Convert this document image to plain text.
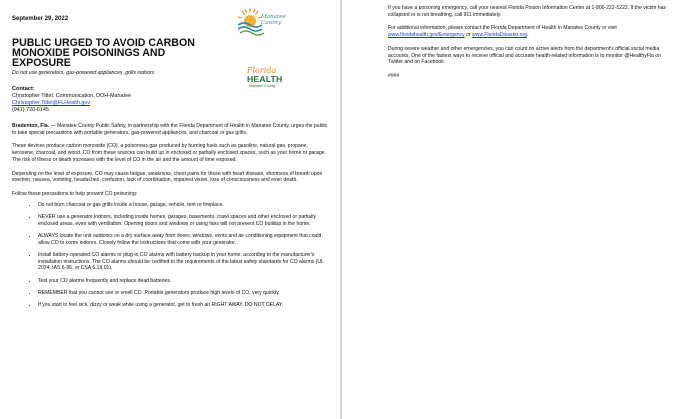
Manatee County
Florida
HEALTH
Manatee County
September 29, 2022
PUBLIC URGED TO AVOID CARBON MONOXIDE POISONINGS AND EXPOSURE
Do not use generators, gas-powered appliances, grills indoors
Contact:
Christopher Tittel, Communication, DOH-Manatee
Christopher.Tittel@FLHealth.gov
(941) 720-6145

Bradenton, Fla. — Manatee County Public Safety, in partnership with the Florida Department of Health in Manatee County, urges the public to take special precautions with portable generators, gas-powered appliances, and charcoal or gas grills.

These devices produce carbon monoxide (CO), a poisonous gas produced by burning fuels such as gasoline, natural gas, propane, kerosene, charcoal, and wood. CO from these sources can build up in enclosed or partially enclosed spaces, such as your home or garage. The risk of illness or death increases with the level of CO in the air and the amount of time exposed.

Depending on the level of exposure, CO may cause fatigue, weakness, chest pains for those with heart disease, shortness of breath upon exertion, nausea, vomiting, headaches, confusion, lack of coordination, impaired vision, loss of consciousness and even death.

Follow these precautions to help prevent CO poisoning:

• Do not burn charcoal or gas grills inside a house, garage, vehicle, tent or fireplace.
• NEVER use a generator indoors, including inside homes, garages, basements, crawl spaces and other enclosed or partially enclosed areas, even with ventilation. Opening doors and windows or using fans will not prevent CO buildup in the home.
• ALWAYS locate the unit outdoors on a dry surface away from doors, windows, vents and air conditioning equipment that could allow CO to come indoors. Closely follow the instructions that come with your generator.
• Install battery-operated CO alarms or plug-in CO alarms with battery backup in your home, according to the manufacturer's installation instructions. The CO alarms should be certified to the requirements of the latest safety standards for CO alarms (UL 2034, IAS 6-96, or CSA 6.19.01).
• Test your CO alarms frequently and replace dead batteries.
• REMEMBER that you cannot see or smell CO. Portable generators produce high levels of CO, very quickly.
• If you start to feel sick, dizzy or weak while using a generator, get to fresh air RIGHT AWAY. DO NOT DELAY.

If you have a poisoning emergency, call your nearest Florida Poison Information Center at 1-800-222-1222. If the victim has collapsed or is not breathing, call 911 immediately.

For additional information, please contact the Florida Department of Health in Manatee County or visit www.floridahealth.gov/Emergency or www.FloridaDisaster.org.

During severe weather and other emergencies, you can count on active alerts from the department's official social media accounts. One of the fastest ways to receive official and accurate health-related information is to monitor @HealthyFla on Twitter and on Facebook.

####
